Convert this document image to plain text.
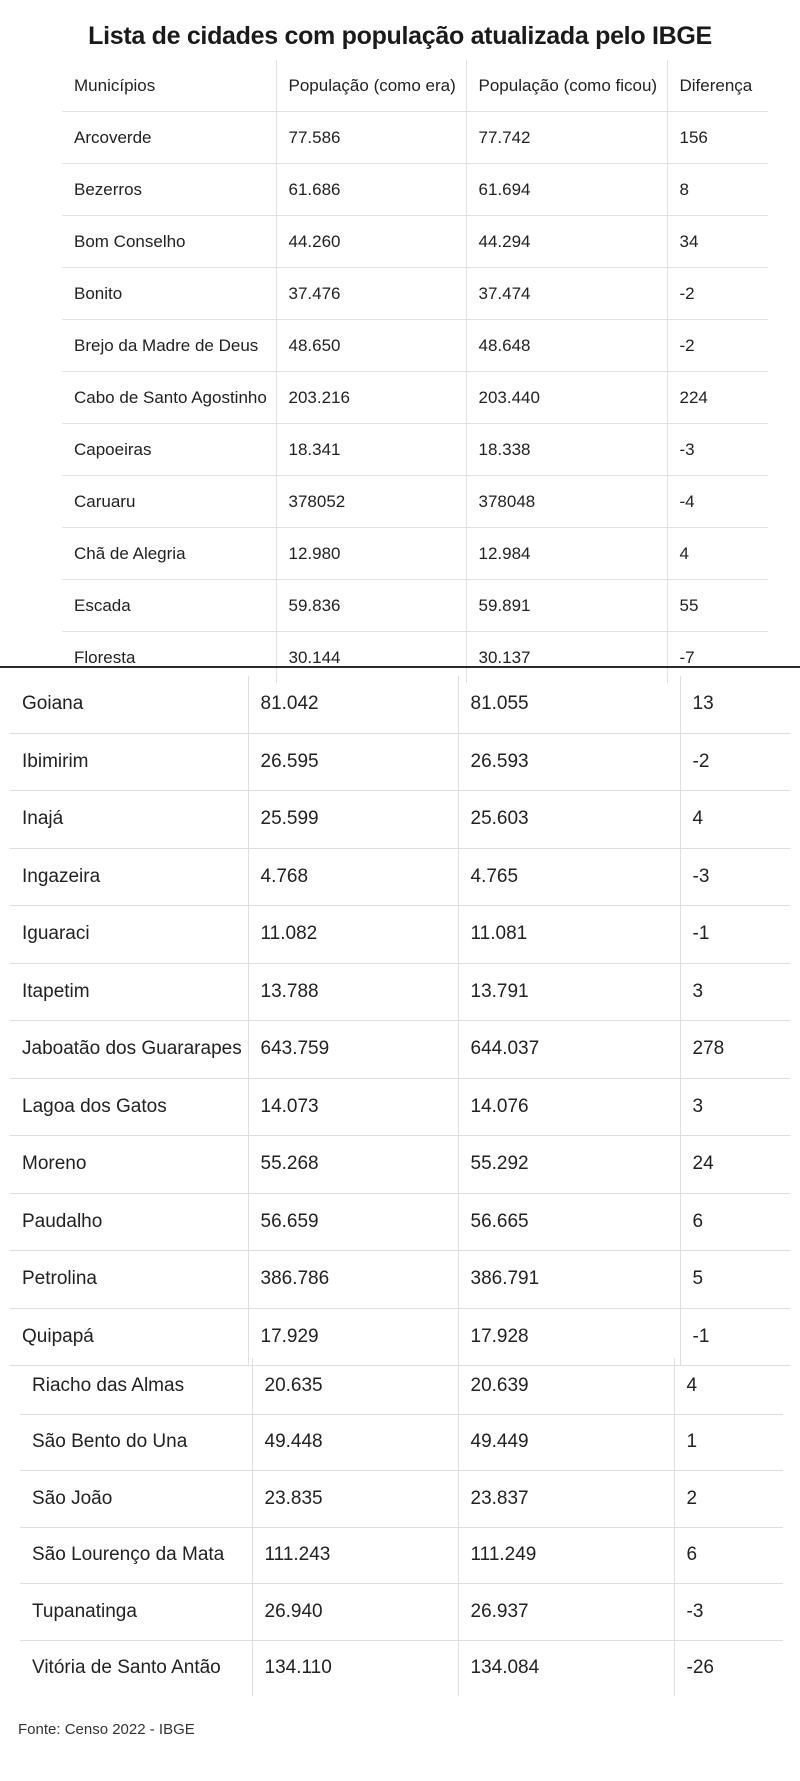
Lista de cidades com população atualizada pelo IBGE
Municípios	População (como era)	População (como ficou)	Diferença
Arcoverde	77.586	77.742	156
Bezerros	61.686	61.694	8
Bom Conselho	44.260	44.294	34
Bonito	37.476	37.474	-2
Brejo da Madre de Deus	48.650	48.648	-2
Cabo de Santo Agostinho	203.216	203.440	224
Capoeiras	18.341	18.338	-3
Caruaru	378052	378048	-4
Chã de Alegria	12.980	12.984	4
Escada	59.836	59.891	55
Floresta	30.144	30.137	-7
Goiana	81.042	81.055	13
Ibimirim	26.595	26.593	-2
Inajá	25.599	25.603	4
Ingazeira	4.768	4.765	-3
Iguaraci	11.082	11.081	-1
Itapetim	13.788	13.791	3
Jaboatão dos Guararapes	643.759	644.037	278
Lagoa dos Gatos	14.073	14.076	3
Moreno	55.268	55.292	24
Paudalho	56.659	56.665	6
Petrolina	386.786	386.791	5
Quipapá	17.929	17.928	-1
Riacho das Almas	20.635	20.639	4
São Bento do Una	49.448	49.449	1
São João	23.835	23.837	2
São Lourenço da Mata	111.243	111.249	6
Tupanatinga	26.940	26.937	-3
Vitória de Santo Antão	134.110	134.084	-26
Fonte: Censo 2022 - IBGE
